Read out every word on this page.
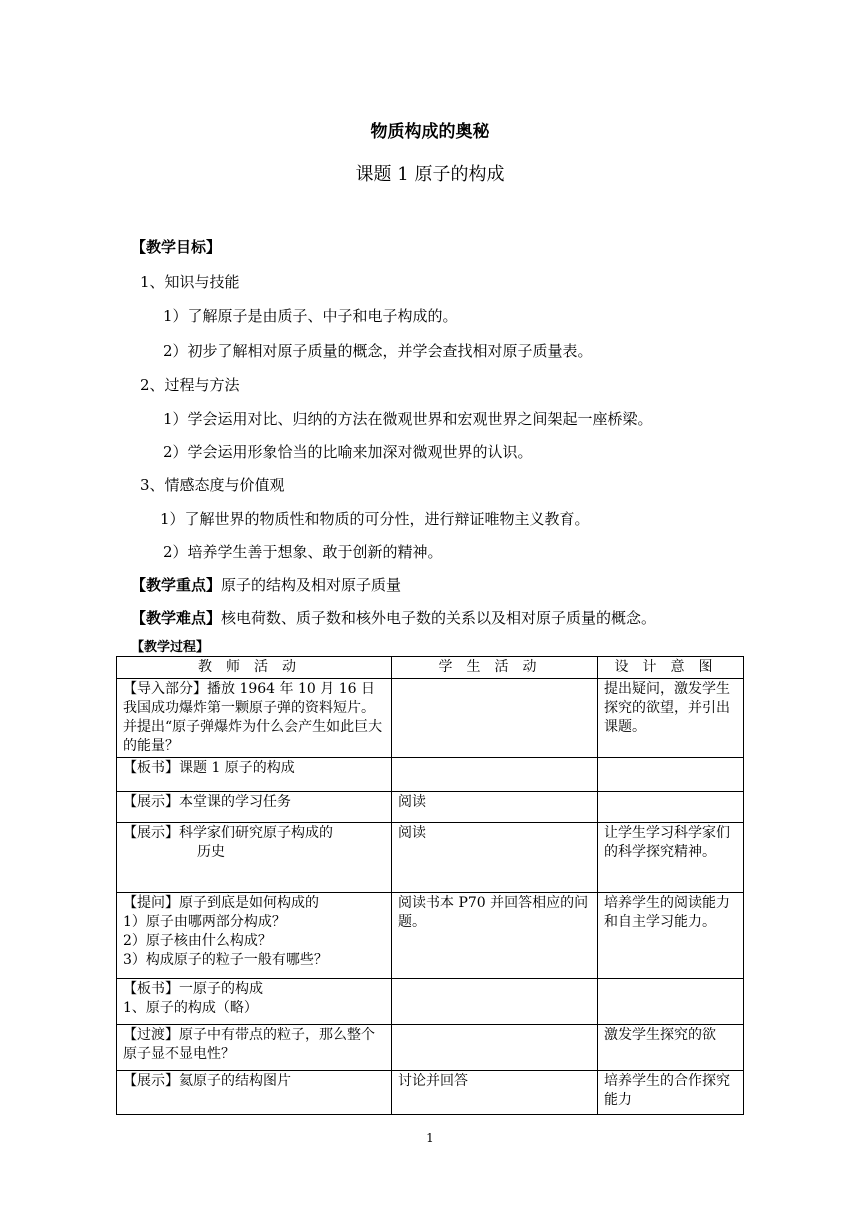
物质构成的奥秘
课题 1 原子的构成
【教学目标】
1、知识与技能
1）了解原子是由质子、中子和电子构成的。
2）初步了解相对原子质量的概念，并学会查找相对原子质量表。
2、过程与方法
1）学会运用对比、归纳的方法在微观世界和宏观世界之间架起一座桥梁。
2）学会运用形象恰当的比喻来加深对微观世界的认识。
3、情感态度与价值观
1）了解世界的物质性和物质的可分性，进行辩证唯物主义教育。
2）培养学生善于想象、敢于创新的精神。
【教学重点】原子的结构及相对原子质量
【教学难点】核电荷数、质子数和核外电子数的关系以及相对原子质量的概念。
【教学过程】
教师活动	学生活动	设计意图

【导入部分】播放 1964 年 10 月 16 日我国成功爆炸第一颗原子弹的资料短片。并提出“原子弹爆炸为什么会产生如此巨大的能量？		提出疑问，激发学生探究的欲望，并引出课题。

【板书】课题 1 原子的构成		

【展示】本堂课的学习任务	阅读	

【展示】科学家们研究原子构成的
历史	阅读	让学生学习科学家们的科学探究精神。

【提问】原子到底是如何构成的
1）原子由哪两部分构成？
2）原子核由什么构成？
3）构成原子的粒子一般有哪些？	阅读书本 P70 并回答相应的问题。	培养学生的阅读能力和自主学习能力。

【板书】一原子的构成
1、原子的构成（略）		

【过渡】原子中有带点的粒子，那么整个原子显不显电性？		激发学生探究的欲

【展示】氦原子的结构图片	讨论并回答	培养学生的合作探究能力
1
